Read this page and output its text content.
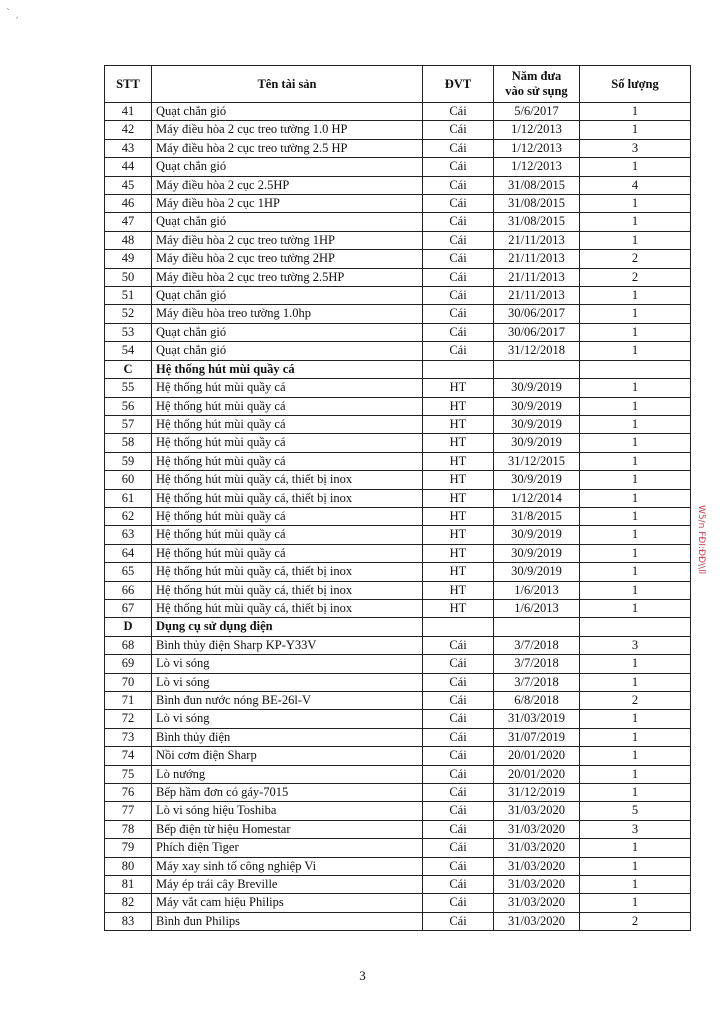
ˋ ˏ
STT	Tên tài sản	ĐVT	Năm đưa
vào sử sụng	Số lượng
41	Quạt chắn gió	Cái	5/6/2017	1
42	Máy điều hòa 2 cục treo tường 1.0 HP	Cái	1/12/2013	1
43	Máy điều hòa 2 cục treo tường 2.5 HP	Cái	1/12/2013	3
44	Quạt chắn gió	Cái	1/12/2013	1
45	Máy điều hòa 2 cục 2.5HP	Cái	31/08/2015	4
46	Máy điều hòa 2 cục 1HP	Cái	31/08/2015	1
47	Quạt chắn gió	Cái	31/08/2015	1
48	Máy điều hòa 2 cục treo tường 1HP	Cái	21/11/2013	1
49	Máy điều hòa 2 cục treo tường 2HP	Cái	21/11/2013	2
50	Máy điều hòa 2 cục treo tường 2.5HP	Cái	21/11/2013	2
51	Quạt chắn gió	Cái	21/11/2013	1
52	Máy điều hòa treo tường 1.0hp	Cái	30/06/2017	1
53	Quạt chắn gió	Cái	30/06/2017	1
54	Quạt chắn gió	Cái	31/12/2018	1
C	Hệ thống hút mùi quầy cá			
55	Hệ thống hút mùi quầy cá	HT	30/9/2019	1
56	Hệ thống hút mùi quầy cá	HT	30/9/2019	1
57	Hệ thống hút mùi quầy cá	HT	30/9/2019	1
58	Hệ thống hút mùi quầy cá	HT	30/9/2019	1
59	Hệ thống hút mùi quầy cá	HT	31/12/2015	1
60	Hệ thống hút mùi quầy cá, thiết bị inox	HT	30/9/2019	1
61	Hệ thống hút mùi quầy cá, thiết bị inox	HT	1/12/2014	1
62	Hệ thống hút mùi quầy cá	HT	31/8/2015	1
63	Hệ thống hút mùi quầy cá	HT	30/9/2019	1
64	Hệ thống hút mùi quầy cá	HT	30/9/2019	1
65	Hệ thống hút mùi quầy cá, thiết bị inox	HT	30/9/2019	1
66	Hệ thống hút mùi quầy cá, thiết bị inox	HT	1/6/2013	1
67	Hệ thống hút mùi quầy cá, thiết bị inox	HT	1/6/2013	1
D	Dụng cụ sử dụng điện			
68	Bình thủy điện Sharp KP-Y33V	Cái	3/7/2018	3
69	Lò vi sóng	Cái	3/7/2018	1
70	Lò vi sóng	Cái	3/7/2018	1
71	Bình đun nước nóng BE-26l-V	Cái	6/8/2018	2
72	Lò vi sóng	Cái	31/03/2019	1
73	Bình thủy điện	Cái	31/07/2019	1
74	Nồi cơm điện Sharp	Cái	20/01/2020	1
75	Lò nướng	Cái	20/01/2020	1
76	Bếp hầm đơn có gáy-7015	Cái	31/12/2019	1
77	Lò vi sóng hiệu Toshiba	Cái	31/03/2020	5
78	Bếp điện từ hiệu Homestar	Cái	31/03/2020	3
79	Phích điện Tiger	Cái	31/03/2020	1
80	Máy xay sinh tố công nghiệp Vi	Cái	31/03/2020	1
81	Máy ép trái cây Breville	Cái	31/03/2020	1
82	Máy vắt cam hiệu Philips	Cái	31/03/2020	1
83	Bình đun Philips	Cái	31/03/2020	2
3
W5/n FĐI:ĐĐ\\ll
